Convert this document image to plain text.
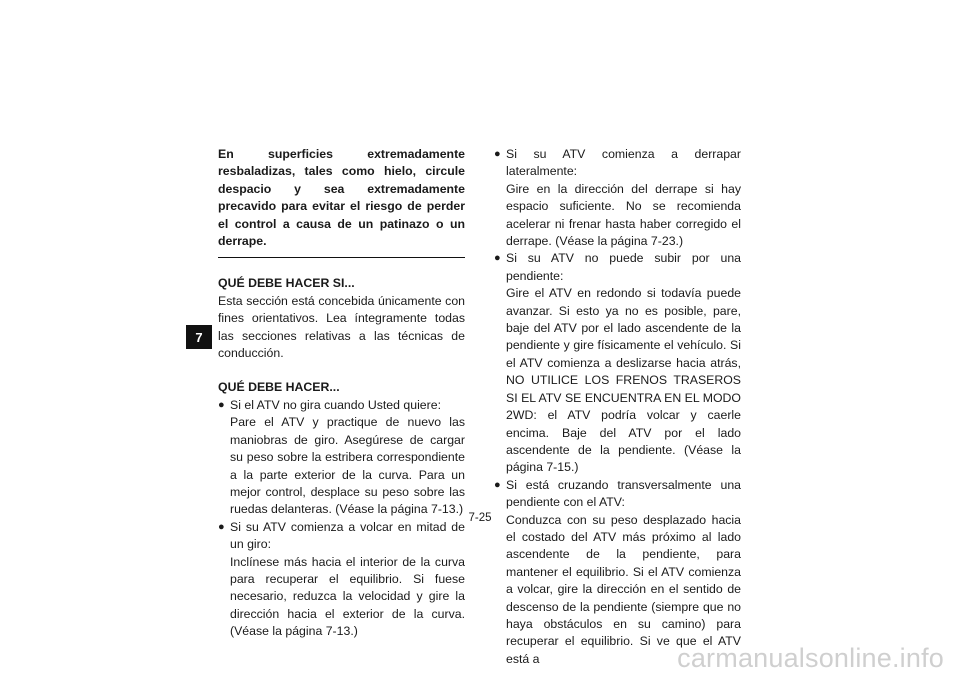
7
En superficies extremadamente resbaladizas, tales como hielo, circule despacio y sea extremadamente precavido para evitar el riesgo de perder el control a causa de un patinazo o un derrape.
QUÉ DEBE HACER SI...

Esta sección está concebida únicamente con fines orientativos. Lea íntegramente todas las secciones relativas a las técnicas de conducción.

QUÉ DEBE HACER...
● Si el ATV no gira cuando Usted quiere:
Pare el ATV y practique de nuevo las maniobras de giro. Asegúrese de cargar su peso sobre la estribera correspondiente a la parte exterior de la curva. Para un mejor control, desplace su peso sobre las ruedas delanteras. (Véase la página 7-13.)
● Si su ATV comienza a volcar en mitad de un giro:
Inclínese más hacia el interior de la curva para recuperar el equilibrio. Si fuese necesario, reduzca la velocidad y gire la dirección hacia el exterior de la curva. (Véase la página 7-13.)
● Si su ATV comienza a derrapar lateralmente:
Gire en la dirección del derrape si hay espacio suficiente. No se recomienda acelerar ni frenar hasta haber corregido el derrape. (Véase la página 7-23.)
● Si su ATV no puede subir por una pendiente:
Gire el ATV en redondo si todavía puede avanzar. Si esto ya no es posible, pare, baje del ATV por el lado ascendente de la pendiente y gire físicamente el vehículo. Si el ATV comienza a deslizarse hacia atrás, NO UTILICE LOS FRENOS TRASEROS SI EL ATV SE ENCUENTRA EN EL MODO 2WD: el ATV podría volcar y caerle encima. Baje del ATV por el lado ascendente de la pendiente. (Véase la página 7-15.)
● Si está cruzando transversalmente una pendiente con el ATV:
Conduzca con su peso desplazado hacia el costado del ATV más próximo al lado ascendente de la pendiente, para mantener el equilibrio. Si el ATV comienza a volcar, gire la dirección en el sentido de descenso de la pendiente (siempre que no haya obstáculos en su camino) para recuperar el equilibrio. Si ve que el ATV está a
7-25
carmanualsonline.info
